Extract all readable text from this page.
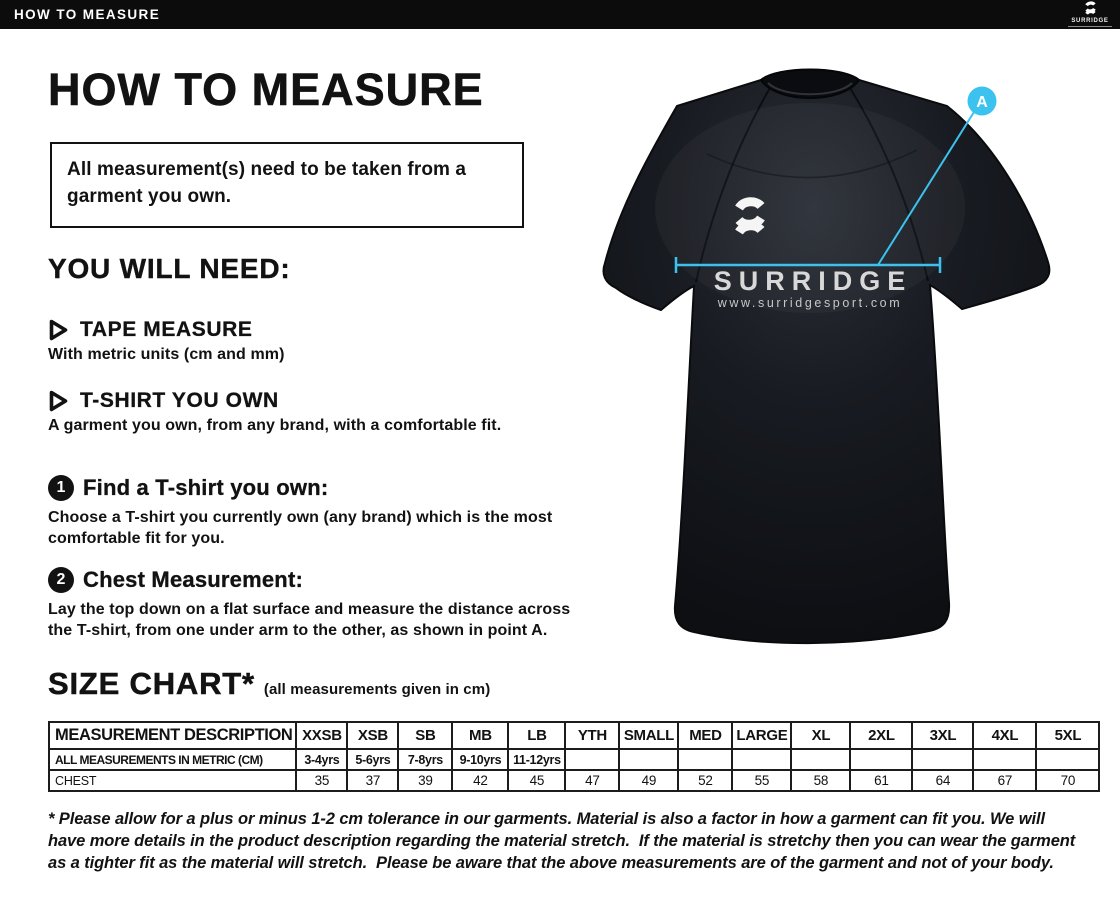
HOW TO MEASURE	SURRIDGE
HOW TO MEASURE
All measurement(s) need to be taken from a garment you own.
YOU WILL NEED:
TAPE MEASURE
With metric units (cm and mm)
T-SHIRT YOU OWN
A garment you own, from any brand, with a comfortable fit.
1 Find a T-shirt you own:
Choose a T-shirt you currently own (any brand) which is the most comfortable fit for you.
2 Chest Measurement:
Lay the top down on a flat surface and measure the distance across the T-shirt, from one under arm to the other, as shown in point A.
SIZE CHART* (all measurements given in cm)
MEASUREMENT DESCRIPTION	XXSB	XSB	SB	MB	LB	YTH	SMALL	MED	LARGE	XL	2XL	3XL	4XL	5XL
ALL MEASUREMENTS IN METRIC (CM)	3-4yrs	5-6yrs	7-8yrs	9-10yrs	11-12yrs									
CHEST	35	37	39	42	45	47	49	52	55	58	61	64	67	70
* Please allow for a plus or minus 1-2 cm tolerance in our garments. Material is also a factor in how a garment can fit you. We will have more details in the product description regarding the material stretch.  If the material is stretchy then you can wear the garment as a tighter fit as the material will stretch.  Please be aware that the above measurements are of the garment and not of your body.
SURRIDGE
www.surridgesport.com
A
